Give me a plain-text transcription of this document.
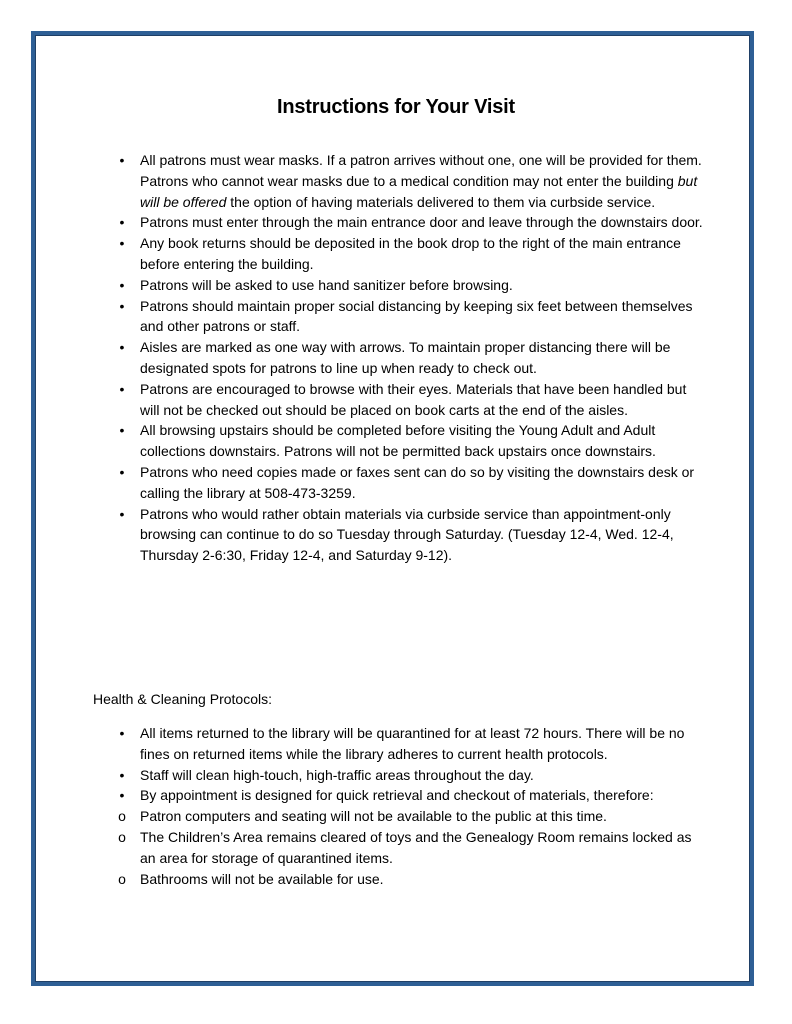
Instructions for Your Visit
•	All patrons must wear masks. If a patron arrives without one, one will be provided for them. Patrons who cannot wear masks due to a medical condition may not enter the building but will be offered the option of having materials delivered to them via curbside service.
•	Patrons must enter through the main entrance door and leave through the downstairs door.
•	Any book returns should be deposited in the book drop to the right of the main entrance before entering the building.
•	Patrons will be asked to use hand sanitizer before browsing.
•	Patrons should maintain proper social distancing by keeping six feet between themselves and other patrons or staff.
•	Aisles are marked as one way with arrows. To maintain proper distancing there will be designated spots for patrons to line up when ready to check out.
•	Patrons are encouraged to browse with their eyes. Materials that have been handled but will not be checked out should be placed on book carts at the end of the aisles.
•	All browsing upstairs should be completed before visiting the Young Adult and Adult collections downstairs. Patrons will not be permitted back upstairs once downstairs.
•	Patrons who need copies made or faxes sent can do so by visiting the downstairs desk or calling the library at 508-473-3259.
•	Patrons who would rather obtain materials via curbside service than appointment-only browsing can continue to do so Tuesday through Saturday. (Tuesday 12-4, Wed. 12-4, Thursday 2-6:30, Friday 12-4, and Saturday 9-12).
Health & Cleaning Protocols:
•	All items returned to the library will be quarantined for at least 72 hours. There will be no fines on returned items while the library adheres to current health protocols.
•	Staff will clean high-touch, high-traffic areas throughout the day.
•	By appointment is designed for quick retrieval and checkout of materials, therefore:
o Patron computers and seating will not be available to the public at this time.
o The Children’s Area remains cleared of toys and the Genealogy Room remains locked as an area for storage of quarantined items.
o Bathrooms will not be available for use.
